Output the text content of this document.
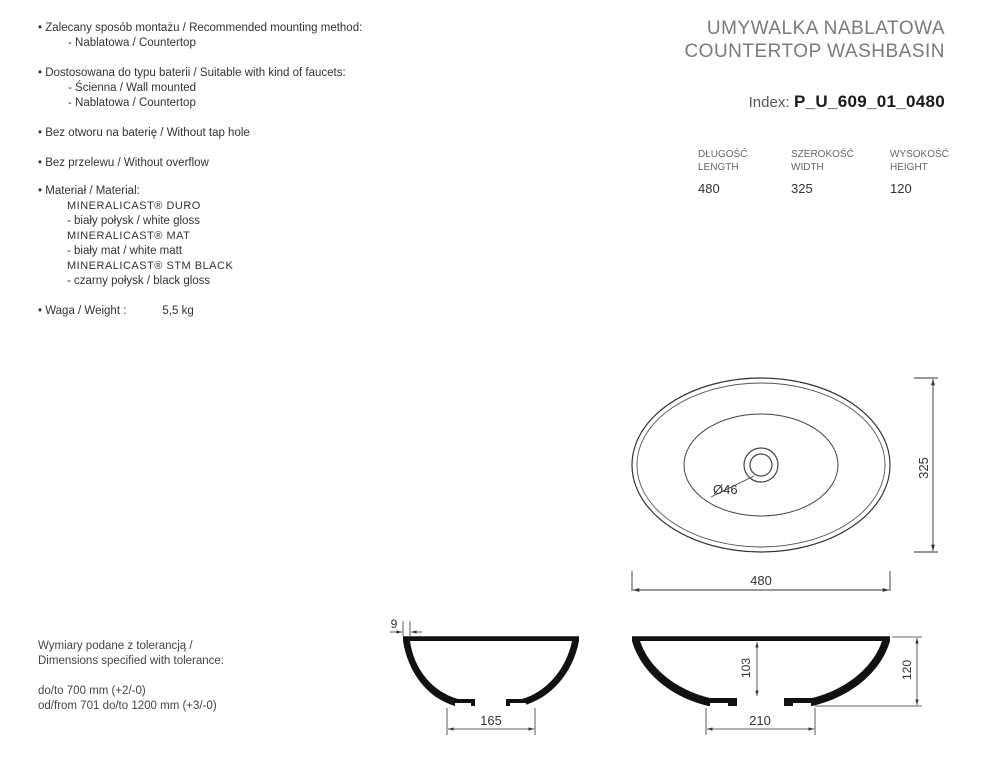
• Zalecany sposób montażu / Recommended mounting method:
- Nablatowa / Countertop
• Dostosowana do typu baterii / Suitable with kind of faucets:
- Ścienna / Wall mounted
- Nablatowa / Countertop
• Bez otworu na baterię / Without tap hole
• Bez przelewu / Without overflow
• Materiał / Material:
MINERALICAST® DURO
- biały połysk / white gloss
MINERALICAST® MAT
- biały mat / white matt
MINERALICAST® STM BLACK
- czarny połysk / black gloss
• Waga / Weight :	5,5 kg
UMYWALKA NABLATOWA
COUNTERTOP WASHBASIN
Index: P_U_609_01_0480
DŁUGOŚĆ
LENGTH
480
SZEROKOŚĆ
WIDTH
325
WYSOKOŚĆ
HEIGHT
120
Wymiary podane z tolerancją /
Dimensions specified with tolerance:
do/to 700 mm (+2/-0)
od/from 701 do/to 1200 mm (+3/-0)
Ø46
480
325
9
165
103	120
210
